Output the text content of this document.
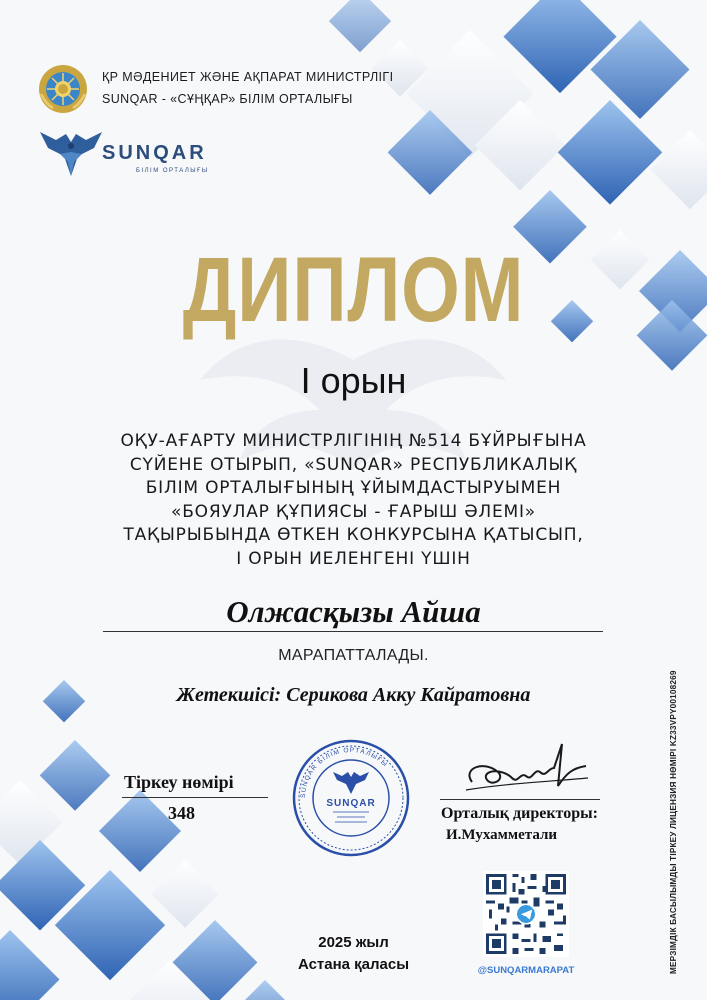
ҚР МӘДЕНИЕТ ЖӘНЕ АҚПАРАТ МИНИСТРЛІГІ
SUNQAR - «СҰҢҚАР» БІЛІМ ОРТАЛЫҒЫ
SUNQAR
БІЛІМ ОРТАЛЫҒЫ
ДИПЛОМ
I орын
ОҚУ-АҒАРТУ МИНИСТРЛІГІНІҢ №514 БҰЙРЫҒЫНА
СҮЙЕНЕ ОТЫРЫП, «SUNQAR» РЕСПУБЛИКАЛЫҚ
БІЛІМ ОРТАЛЫҒЫНЫҢ ҰЙЫМДАСТЫРУЫМЕН
«БОЯУЛАР ҚҰПИЯСЫ - ҒАРЫШ ӘЛЕМІ»
ТАҚЫРЫБЫНДА ӨТКЕН КОНКУРСЫНА ҚАТЫСЫП,
I ОРЫН ИЕЛЕНГЕНІ ҮШІН
Олжасқызы Айша
МАРАПАТТАЛАДЫ.
Жетекшісі: Серикова Акку Кайратовна
Тіркеу нөмірі
348
SUNQAR БІЛІМ ОРТАЛЫҒЫ
SUNQAR
Орталық директоры:
И.Мухамметали
@SUNQARMARAPAT
2025 жыл
Астана қаласы	МЕРЗІМДІК БАСЫЛЫМДЫ ТІРКЕУ ЛИЦЕНЗИЯ НӨМІРІ KZ33VPY00108269
